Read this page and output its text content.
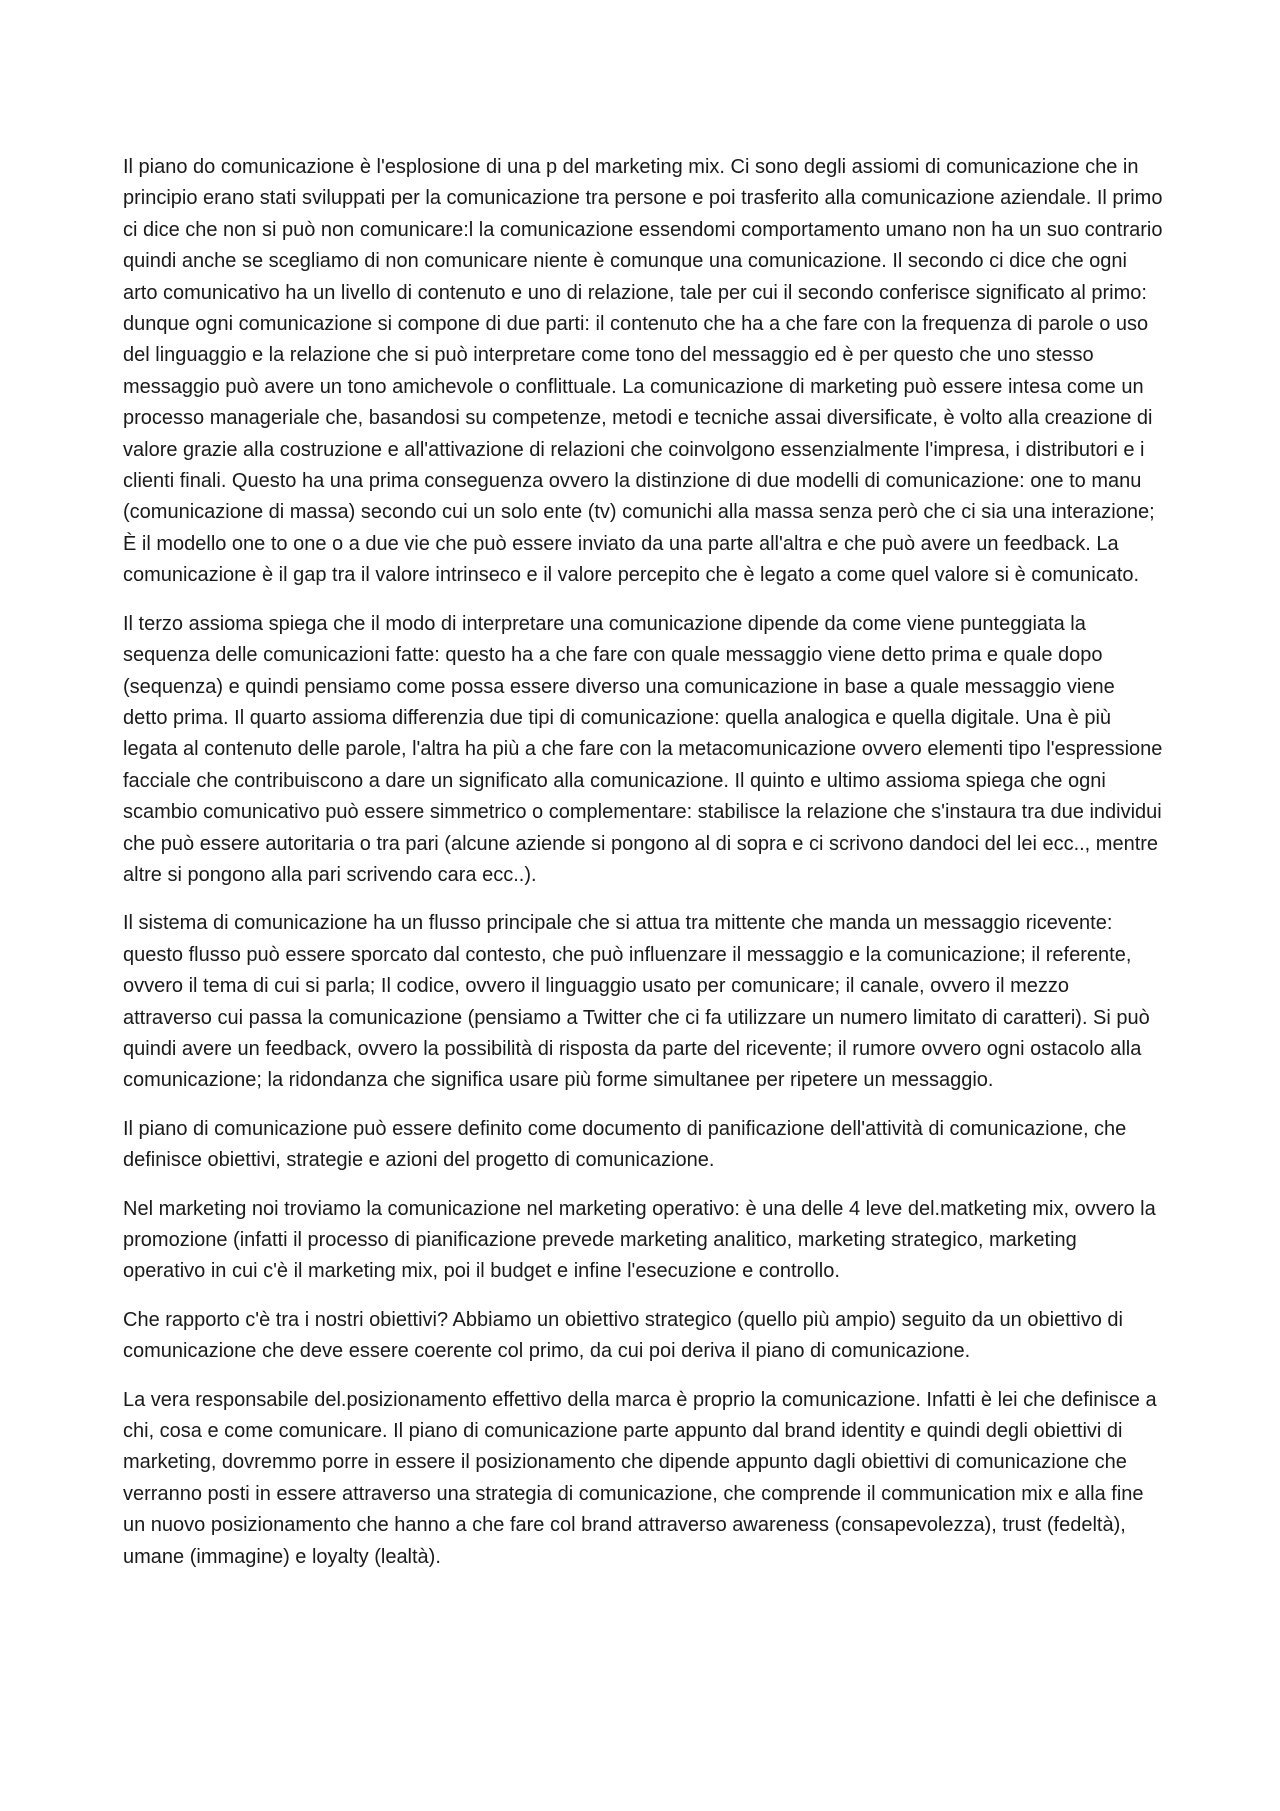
Il piano do comunicazione è l'esplosione di una p del marketing mix. Ci sono degli assiomi di comunicazione che in principio erano stati sviluppati per la comunicazione tra persone e poi trasferito alla comunicazione aziendale. Il primo ci dice che non si può non comunicare:l la comunicazione essendomi comportamento umano non ha un suo contrario quindi anche se scegliamo di non comunicare niente è comunque una comunicazione. Il secondo ci dice che ogni arto comunicativo ha un livello di contenuto e uno di relazione, tale per cui il secondo conferisce significato al primo: dunque ogni comunicazione si compone di due parti: il contenuto che ha a che fare con la frequenza di parole o uso del linguaggio e la relazione che si può interpretare come tono del messaggio ed è per questo che uno stesso messaggio può avere un tono amichevole o conflittuale. La comunicazione di marketing può essere intesa come un processo manageriale che, basandosi su competenze, metodi e tecniche assai diversificate, è volto alla creazione di valore grazie alla costruzione e all'attivazione di relazioni che coinvolgono essenzialmente l'impresa, i distributori e i clienti finali. Questo ha una prima conseguenza ovvero la distinzione di due modelli di comunicazione: one to manu (comunicazione di massa) secondo cui un solo ente (tv) comunichi alla massa senza però che ci sia una interazione; È il modello one to one o a due vie che può essere inviato da una parte all'altra e che può avere un feedback. La comunicazione è il gap tra il valore intrinseco e il valore percepito che è legato a come quel valore si è comunicato.

Il terzo assioma spiega che il modo di interpretare una comunicazione dipende da come viene punteggiata la sequenza delle comunicazioni fatte: questo ha a che fare con quale messaggio viene detto prima e quale dopo (sequenza) e quindi pensiamo come possa essere diverso una comunicazione in base a quale messaggio viene detto prima. Il quarto assioma differenzia due tipi di comunicazione: quella analogica e quella digitale. Una è più legata al contenuto delle parole, l'altra ha più a che fare con la metacomunicazione ovvero elementi tipo l'espressione facciale che contribuiscono a dare un significato alla comunicazione. Il quinto e ultimo assioma spiega che ogni scambio comunicativo può essere simmetrico o complementare: stabilisce la relazione che s'instaura tra due individui che può essere autoritaria o tra pari (alcune aziende si pongono al di sopra e ci scrivono dandoci del lei ecc.., mentre altre si pongono alla pari scrivendo cara ecc..).

Il sistema di comunicazione ha un flusso principale che si attua tra mittente che manda un messaggio ricevente: questo flusso può essere sporcato dal contesto, che può influenzare il messaggio e la comunicazione; il referente, ovvero il tema di cui si parla; Il codice, ovvero il linguaggio usato per comunicare; il canale, ovvero il mezzo attraverso cui passa la comunicazione (pensiamo a Twitter che ci fa utilizzare un numero limitato di caratteri). Si può quindi avere un feedback, ovvero la possibilità di risposta da parte del ricevente; il rumore ovvero ogni ostacolo alla comunicazione; la ridondanza che significa usare più forme simultanee per ripetere un messaggio.

Il piano di comunicazione può essere definito come documento di panificazione dell'attività di comunicazione, che definisce obiettivi, strategie e azioni del progetto di comunicazione.

Nel marketing noi troviamo la comunicazione nel marketing operativo: è una delle 4 leve del.matketing mix, ovvero la promozione (infatti il processo di pianificazione prevede marketing analitico, marketing strategico, marketing operativo in cui c'è il marketing mix, poi il budget e infine l'esecuzione e controllo.

Che rapporto c'è tra i nostri obiettivi? Abbiamo un obiettivo strategico (quello più ampio) seguito da un obiettivo di comunicazione che deve essere coerente col primo, da cui poi deriva il piano di comunicazione.

La vera responsabile del.posizionamento effettivo della marca è proprio la comunicazione. Infatti è lei che definisce a chi, cosa e come comunicare. Il piano di comunicazione parte appunto dal brand identity e quindi degli obiettivi di marketing, dovremmo porre in essere il posizionamento che dipende appunto dagli obiettivi di comunicazione che verranno posti in essere attraverso una strategia di comunicazione, che comprende il communication mix e alla fine un nuovo posizionamento che hanno a che fare col brand attraverso awareness (consapevolezza), trust (fedeltà), umane (immagine) e loyalty (lealtà).
